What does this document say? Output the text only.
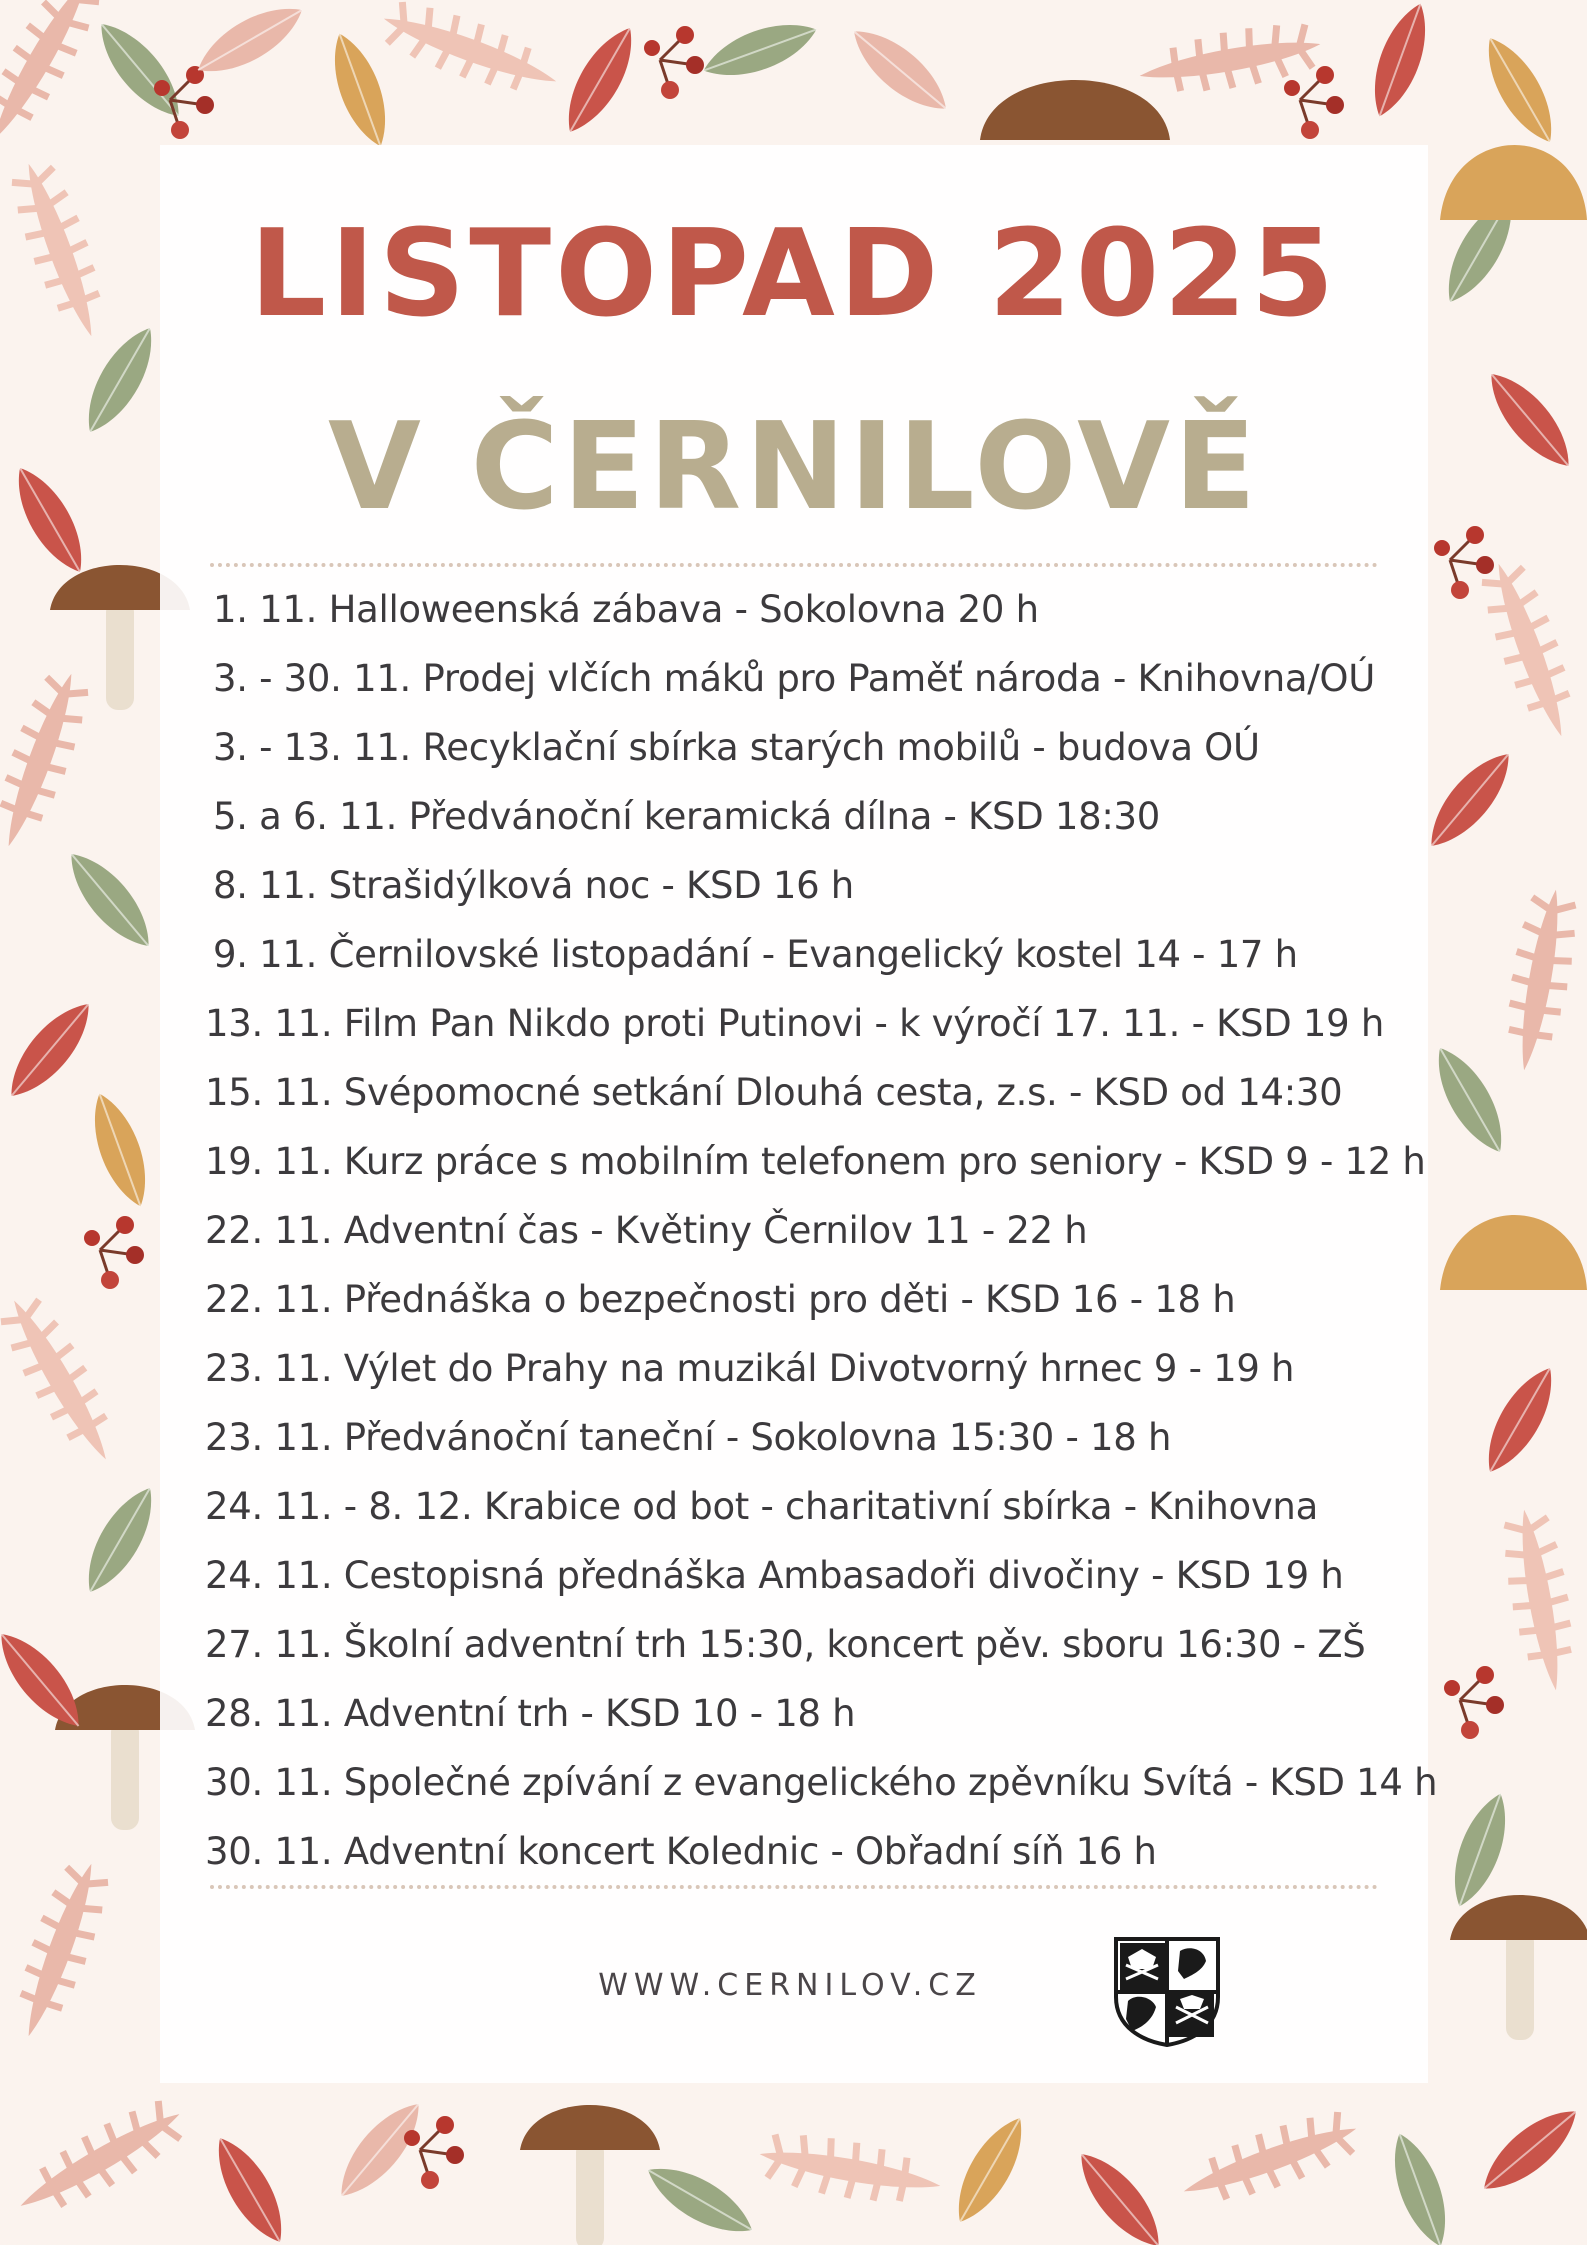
LISTOPAD 2025
V ČERNILOVĚ
1. 11. Halloweenská zábava - Sokolovna 20 h
3. - 30. 11. Prodej vlčích máků pro Paměť národa - Knihovna/OÚ
3. - 13. 11. Recyklační sbírka starých mobilů - budova OÚ
5. a 6. 11. Předvánoční keramická dílna - KSD 18:30
8. 11. Strašidýlková noc - KSD 16 h
9. 11. Černilovské listopadání - Evangelický kostel 14 - 17 h
13. 11. Film Pan Nikdo proti Putinovi - k výročí 17. 11. - KSD 19 h
15. 11. Svépomocné setkání Dlouhá cesta, z.s. - KSD od 14:30
19. 11. Kurz práce s mobilním telefonem pro seniory - KSD 9 - 12 h
22. 11. Adventní čas - Květiny Černilov 11 - 22 h
22. 11. Přednáška o bezpečnosti pro děti - KSD 16 - 18 h
23. 11. Výlet do Prahy na muzikál Divotvorný hrnec 9 - 19 h
23. 11. Předvánoční taneční - Sokolovna 15:30 - 18 h
24. 11. - 8. 12. Krabice od bot - charitativní sbírka - Knihovna
24. 11. Cestopisná přednáška Ambasadoři divočiny - KSD 19 h
27. 11. Školní adventní trh 15:30, koncert pěv. sboru 16:30 - ZŠ
28. 11. Adventní trh - KSD 10 - 18 h
30. 11. Společné zpívání z evangelického zpěvníku Svítá - KSD 14 h
30. 11. Adventní koncert Kolednic - Obřadní síň 16 h

WWW.CERNILOV.CZ
